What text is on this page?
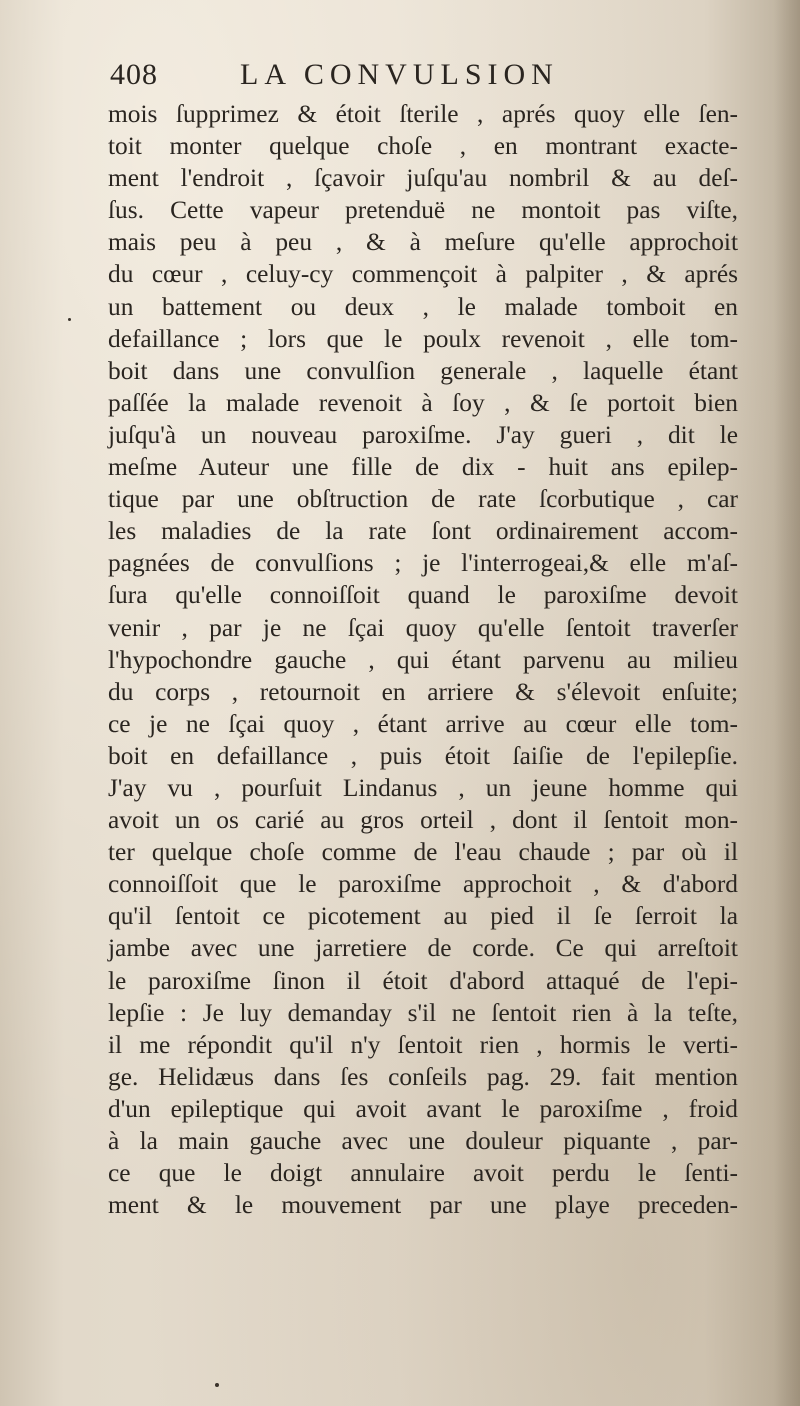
408	LA CONVULSION
mois ſupprimez & étoit ſterile , aprés quoy elle ſen-
toit monter quelque choſe , en montrant exacte-
ment l'endroit , ſçavoir juſqu'au nombril & au deſ-
ſus. Cette vapeur pretenduë ne montoit pas viſte,
mais peu à peu , & à meſure qu'elle approchoit
du cœur , celuy-cy commençoit à palpiter , & aprés
un battement ou deux , le malade tomboit en
defaillance ; lors que le poulx revenoit , elle tom-
boit dans une convulſion generale , laquelle étant
paſſée la malade revenoit à ſoy , & ſe portoit bien
juſqu'à un nouveau paroxiſme. J'ay gueri , dit le
meſme Auteur une fille de dix - huit ans epilep-
tique par une obſtruction de rate ſcorbutique , car
les maladies de la rate ſont ordinairement accom-
pagnées de convulſions ; je l'interrogeai,& elle m'aſ-
ſura qu'elle connoiſſoit quand le paroxiſme devoit
venir , par je ne ſçai quoy qu'elle ſentoit traverſer
l'hypochondre gauche , qui étant parvenu au milieu
du corps , retournoit en arriere & s'élevoit enſuite;
ce je ne ſçai quoy , étant arrive au cœur elle tom-
boit en defaillance , puis étoit ſaiſie de l'epilepſie.
J'ay vu , pourſuit Lindanus , un jeune homme qui
avoit un os carié au gros orteil , dont il ſentoit mon-
ter quelque choſe comme de l'eau chaude ; par où il
connoiſſoit que le paroxiſme approchoit , & d'abord
qu'il ſentoit ce picotement au pied il ſe ſerroit la
jambe avec une jarretiere de corde. Ce qui arreſtoit
le paroxiſme ſinon il étoit d'abord attaqué de l'epi-
lepſie : Je luy demanday s'il ne ſentoit rien à la teſte,
il me répondit qu'il n'y ſentoit rien , hormis le verti-
ge. Helidæus dans ſes conſeils pag. 29. fait mention
d'un epileptique qui avoit avant le paroxiſme , froid
à la main gauche avec une douleur piquante , par-
ce que le doigt annulaire avoit perdu le ſenti-
ment & le mouvement par une playe preceden-
